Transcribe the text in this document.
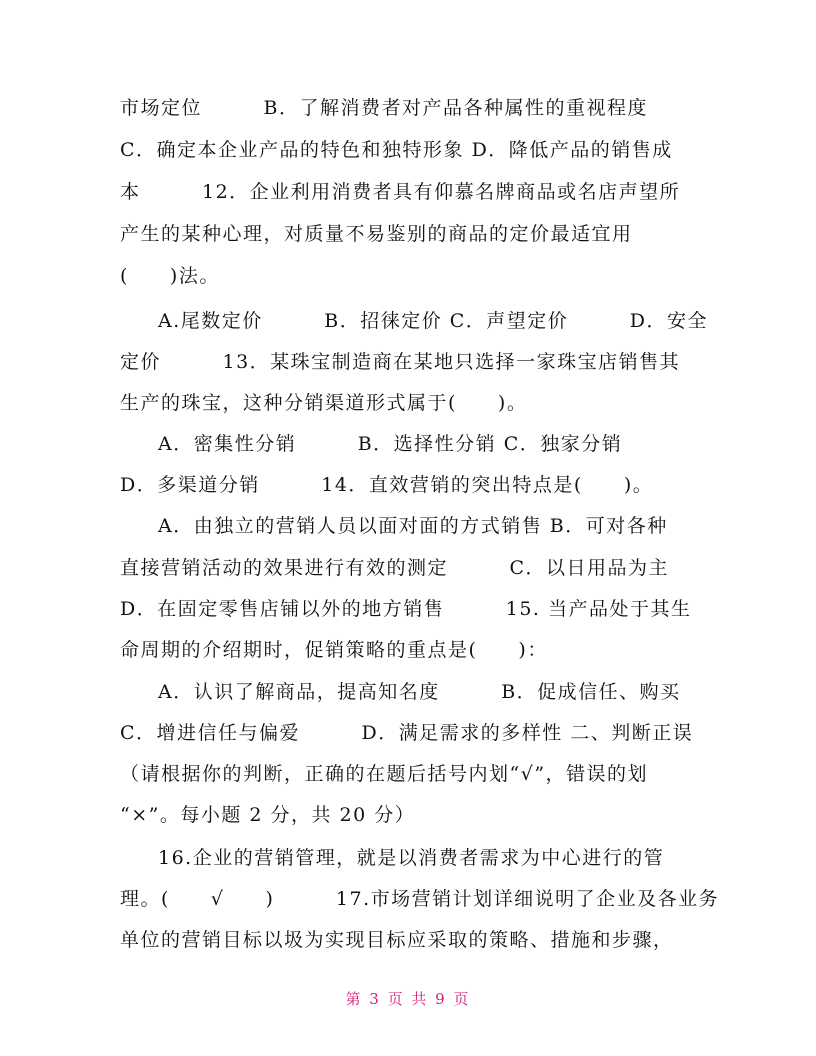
市场定位　　　B．了解消费者对产品各种属性的重视程度
C．确定本企业产品的特色和独特形象 D．降低产品的销售成
本　　　12．企业利用消费者具有仰慕名牌商品或名店声望所
产生的某种心理，对质量不易鉴别的商品的定价最适宜用
(　　)法。
A.尾数定价　　　B．招徕定价 C．声望定价　　　D．安全
定价　　　13．某珠宝制造商在某地只选择一家珠宝店销售其
生产的珠宝，这种分销渠道形式属于(　　)。
A．密集性分销　　　B．选择性分销 C．独家分销
D．多渠道分销　　　14．直效营销的突出特点是(　　)。
A．由独立的营销人员以面对面的方式销售 B．可对各种
直接营销活动的效果进行有效的测定　　　C．以日用品为主
D．在固定零售店铺以外的地方销售　　　15. 当产品处于其生
命周期的介绍期时，促销策略的重点是(　　)：
A．认识了解商品，提高知名度　　　B．促成信任、购买
C．增进信任与偏爱　　　D．满足需求的多样性 二、判断正误
（请根据你的判断，正确的在题后括号内划“√”，错误的划
“×”。每小题 2 分，共 20 分）
16.企业的营销管理，就是以消费者需求为中心进行的管
理。(　　√　　)　　　17.市场营销计划详细说明了企业及各业务
单位的营销目标以圾为实现目标应采取的策略、措施和步骤，
第 3 页 共 9 页
